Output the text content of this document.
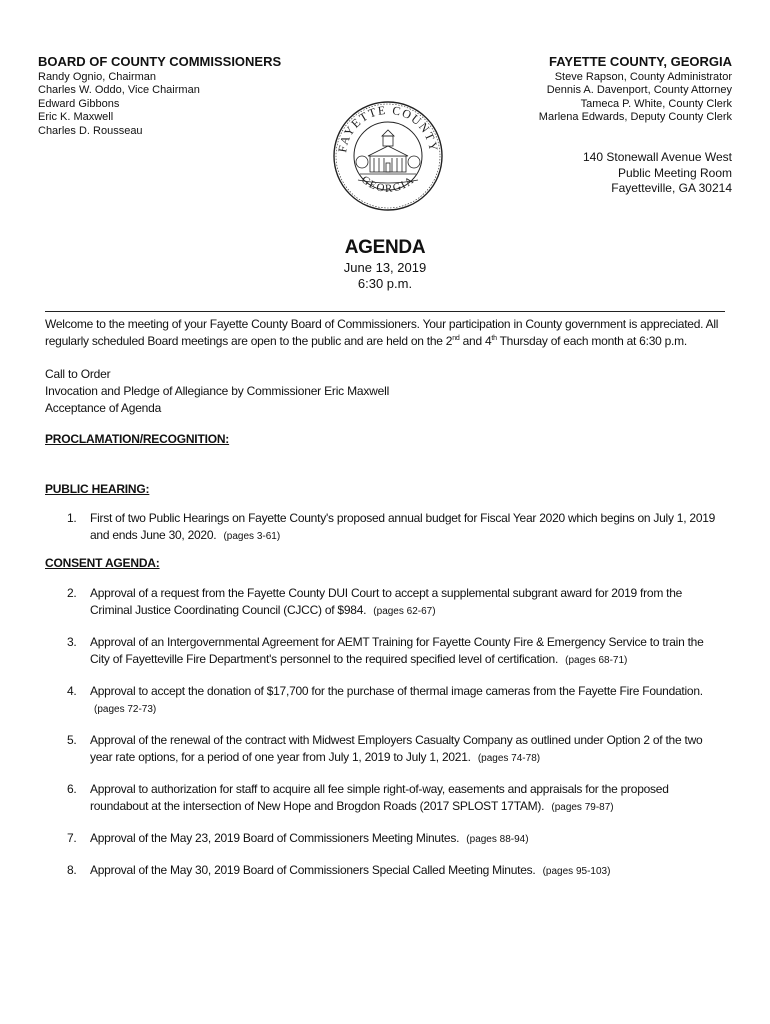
BOARD OF COUNTY COMMISSIONERS
Randy Ognio, Chairman
Charles W. Oddo, Vice Chairman
Edward Gibbons
Eric K. Maxwell
Charles D. Rousseau
FAYETTE COUNTY, GEORGIA
Steve Rapson, County Administrator
Dennis A. Davenport, County Attorney
Tameca P. White, County Clerk
Marlena Edwards, Deputy County Clerk
FAYETTE COUNTY
GEORGIA
140 Stonewall Avenue West
Public Meeting Room
Fayetteville, GA 30214
AGENDA
June 13, 2019
6:30 p.m.

Welcome to the meeting of your Fayette County Board of Commissioners. Your participation in County government is appreciated. All
regularly scheduled Board meetings are open to the public and are held on the 2nd and 4th Thursday of each month at 6:30 p.m.

Call to Order
Invocation and Pledge of Allegiance by Commissioner Eric Maxwell
Acceptance of Agenda
PROCLAMATION/RECOGNITION:
PUBLIC HEARING:
1. First of two Public Hearings on Fayette County's proposed annual budget for Fiscal Year 2020 which begins on July 1, 2019 and ends June 30, 2020. (pages 3-61)
CONSENT AGENDA:
2. Approval of a request from the Fayette County DUI Court to accept a supplemental subgrant award for 2019 from the Criminal Justice Coordinating Council (CJCC) of $984. (pages 62-67)
3. Approval of an Intergovernmental Agreement for AEMT Training for Fayette County Fire & Emergency Service to train the City of Fayetteville Fire Department's personnel to the required specified level of certification. (pages 68-71)
4. Approval to accept the donation of $17,700 for the purchase of thermal image cameras from the Fayette Fire Foundation. (pages 72-73)
5. Approval of the renewal of the contract with Midwest Employers Casualty Company as outlined under Option 2 of the two year rate options, for a period of one year from July 1, 2019 to July 1, 2021. (pages 74-78)
6. Approval to authorization for staff to acquire all fee simple right-of-way, easements and appraisals for the proposed roundabout at the intersection of New Hope and Brogdon Roads (2017 SPLOST 17TAM). (pages 79-87)
7. Approval of the May 23, 2019 Board of Commissioners Meeting Minutes. (pages 88-94)
8. Approval of the May 30, 2019 Board of Commissioners Special Called Meeting Minutes. (pages 95-103)
